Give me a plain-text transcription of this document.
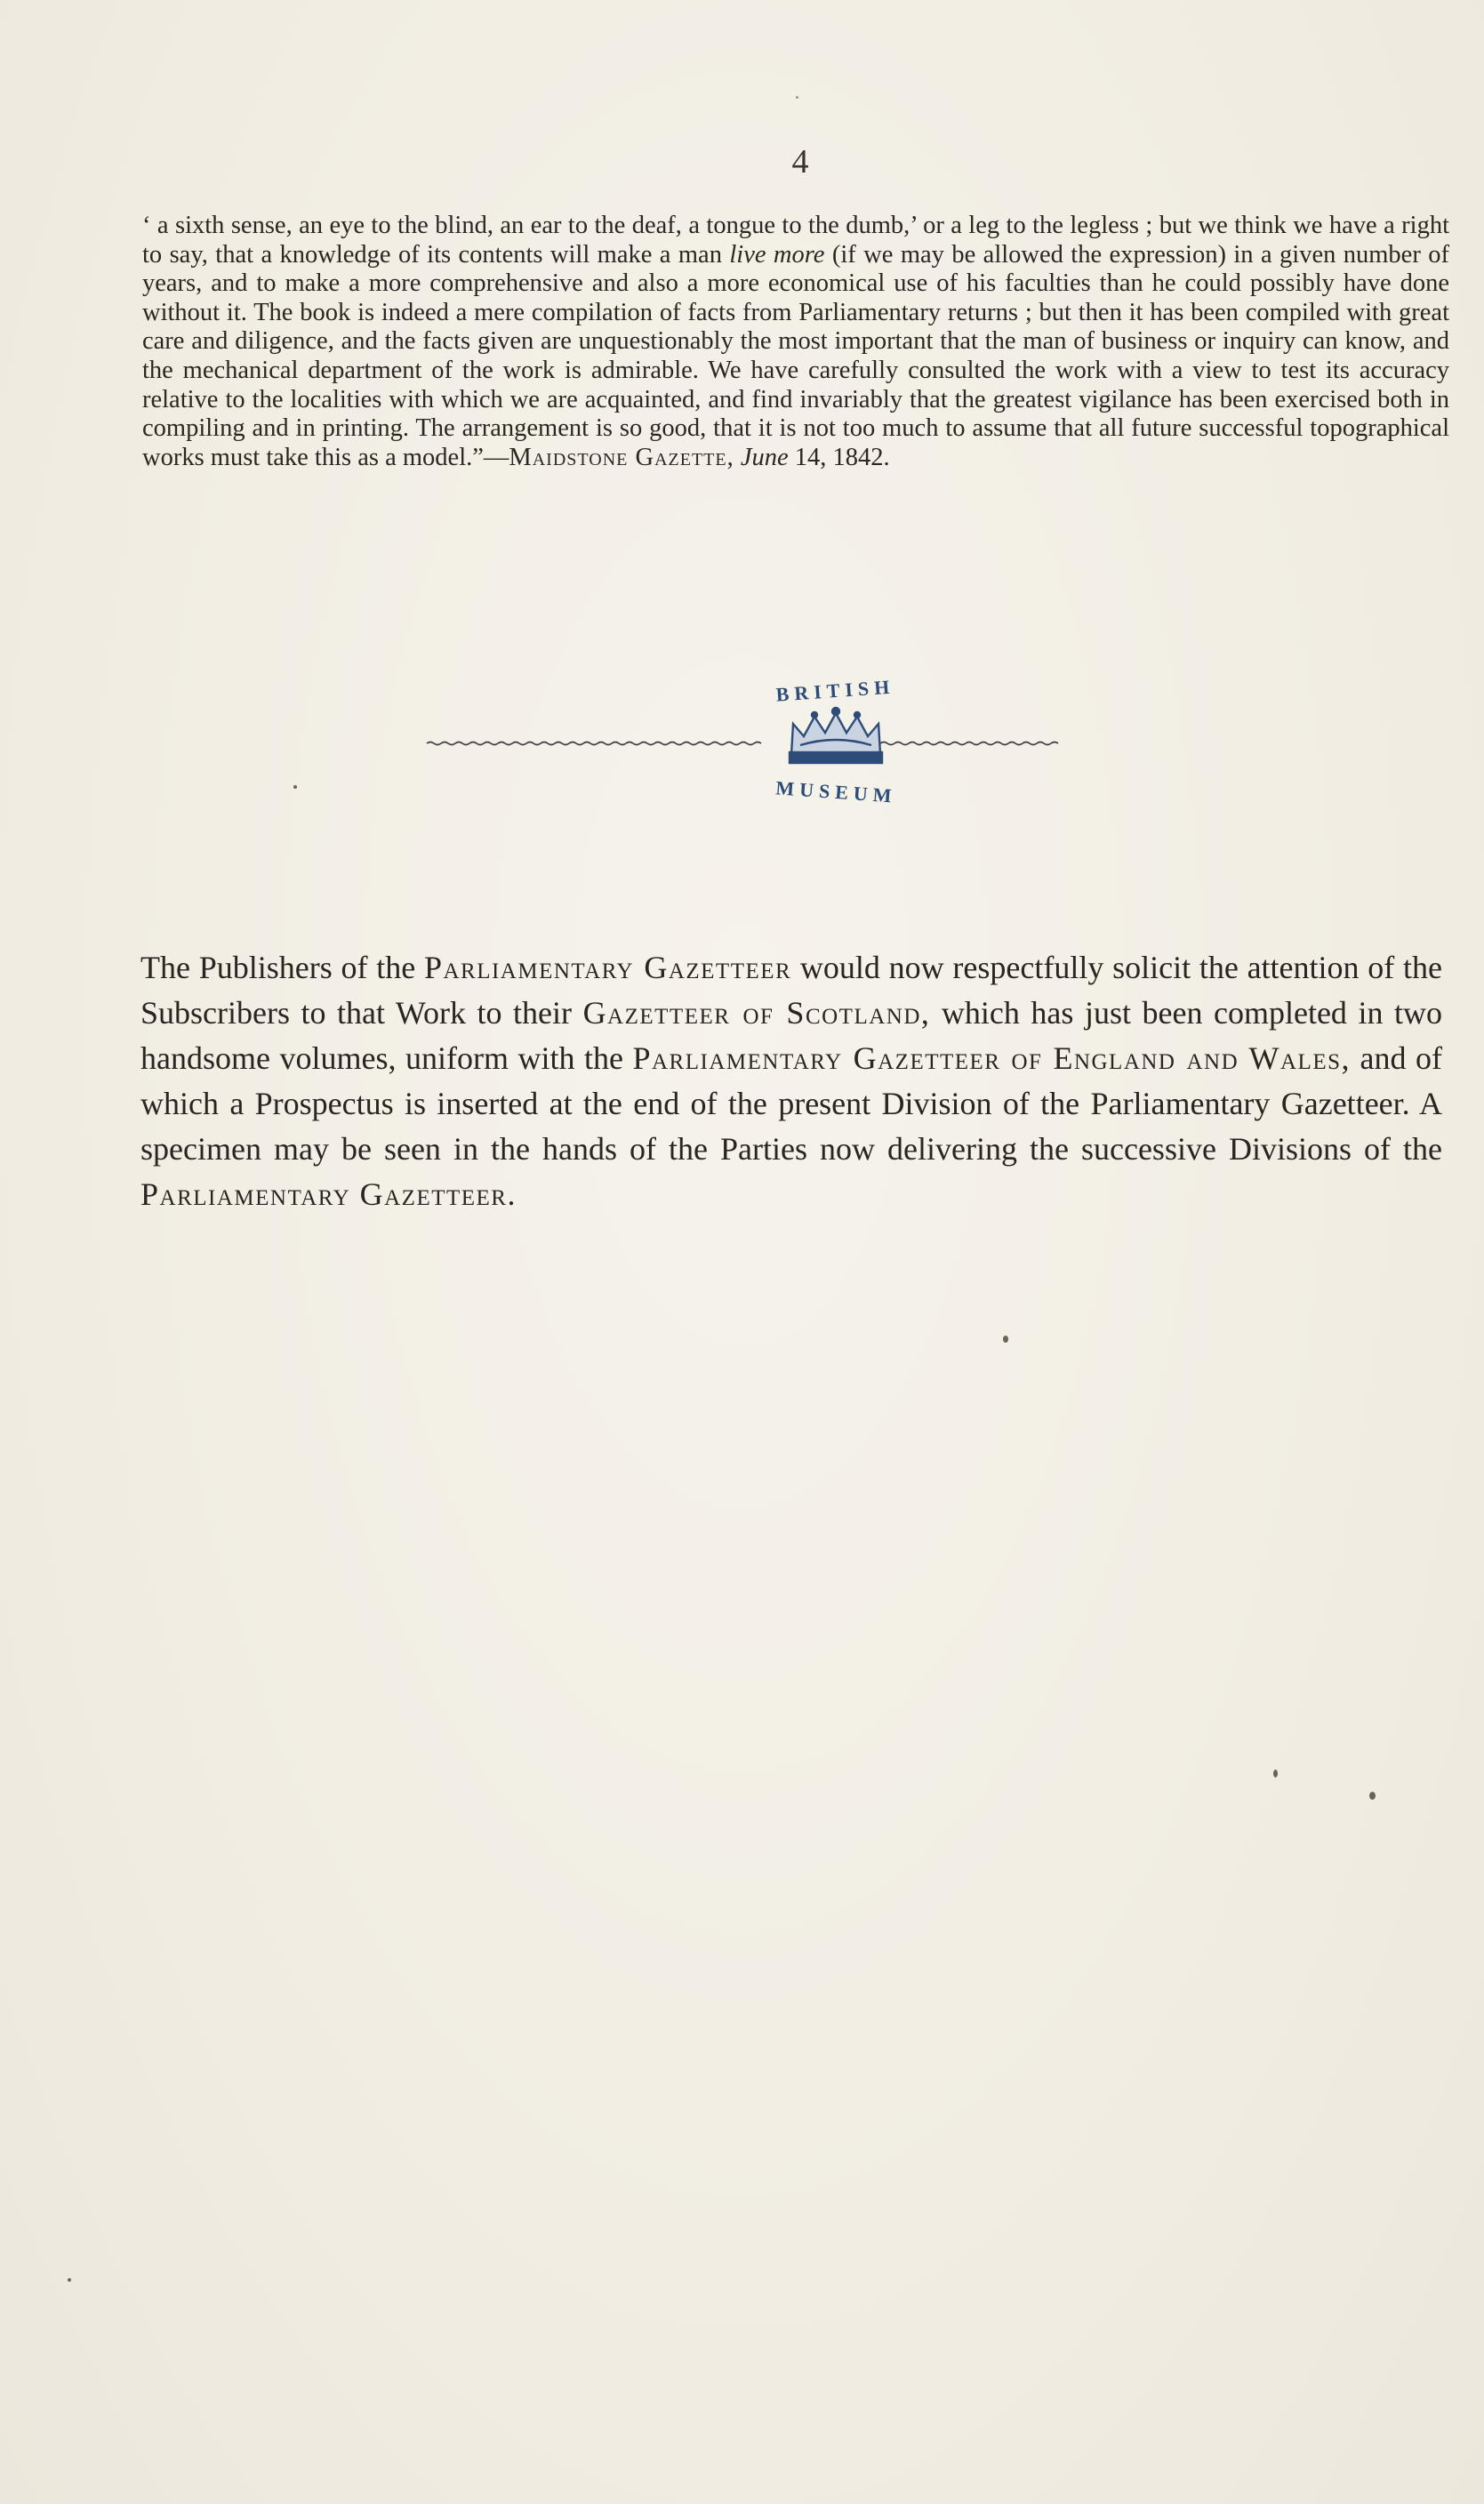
4
‘ a sixth sense, an eye to the blind, an ear to the deaf, a tongue to the dumb,’ or a leg to the legless ; but we think we have a right to say, that a knowledge of its contents will make a man live more (if we may be allowed the expression) in a given number of years, and to make a more comprehensive and also a more economical use of his faculties than he could possibly have done without it. The book is indeed a mere compilation of facts from Parliamentary returns ; but then it has been compiled with great care and diligence, and the facts given are unquestionably the most important that the man of business or inquiry can know, and the mechanical department of the work is admirable. We have carefully consulted the work with a view to test its accuracy relative to the localities with which we are acquainted, and find invariably that the greatest vigilance has been exercised both in compiling and in printing. The arrangement is so good, that it is not too much to assume that all future successful topographical works must take this as a model.”—Maidstone Gazette, June 14, 1842.
BRITISH
MUSEUM
The Publishers of the Parliamentary Gazetteer would now respectfully solicit the attention of the Subscribers to that Work to their Gazetteer of Scotland, which has just been completed in two handsome volumes, uniform with the Parliamentary Gazetteer of England and Wales, and of which a Prospectus is inserted at the end of the present Division of the Parliamentary Gazetteer. A specimen may be seen in the hands of the Parties now delivering the successive Divisions of the Parliamentary Gazetteer.
